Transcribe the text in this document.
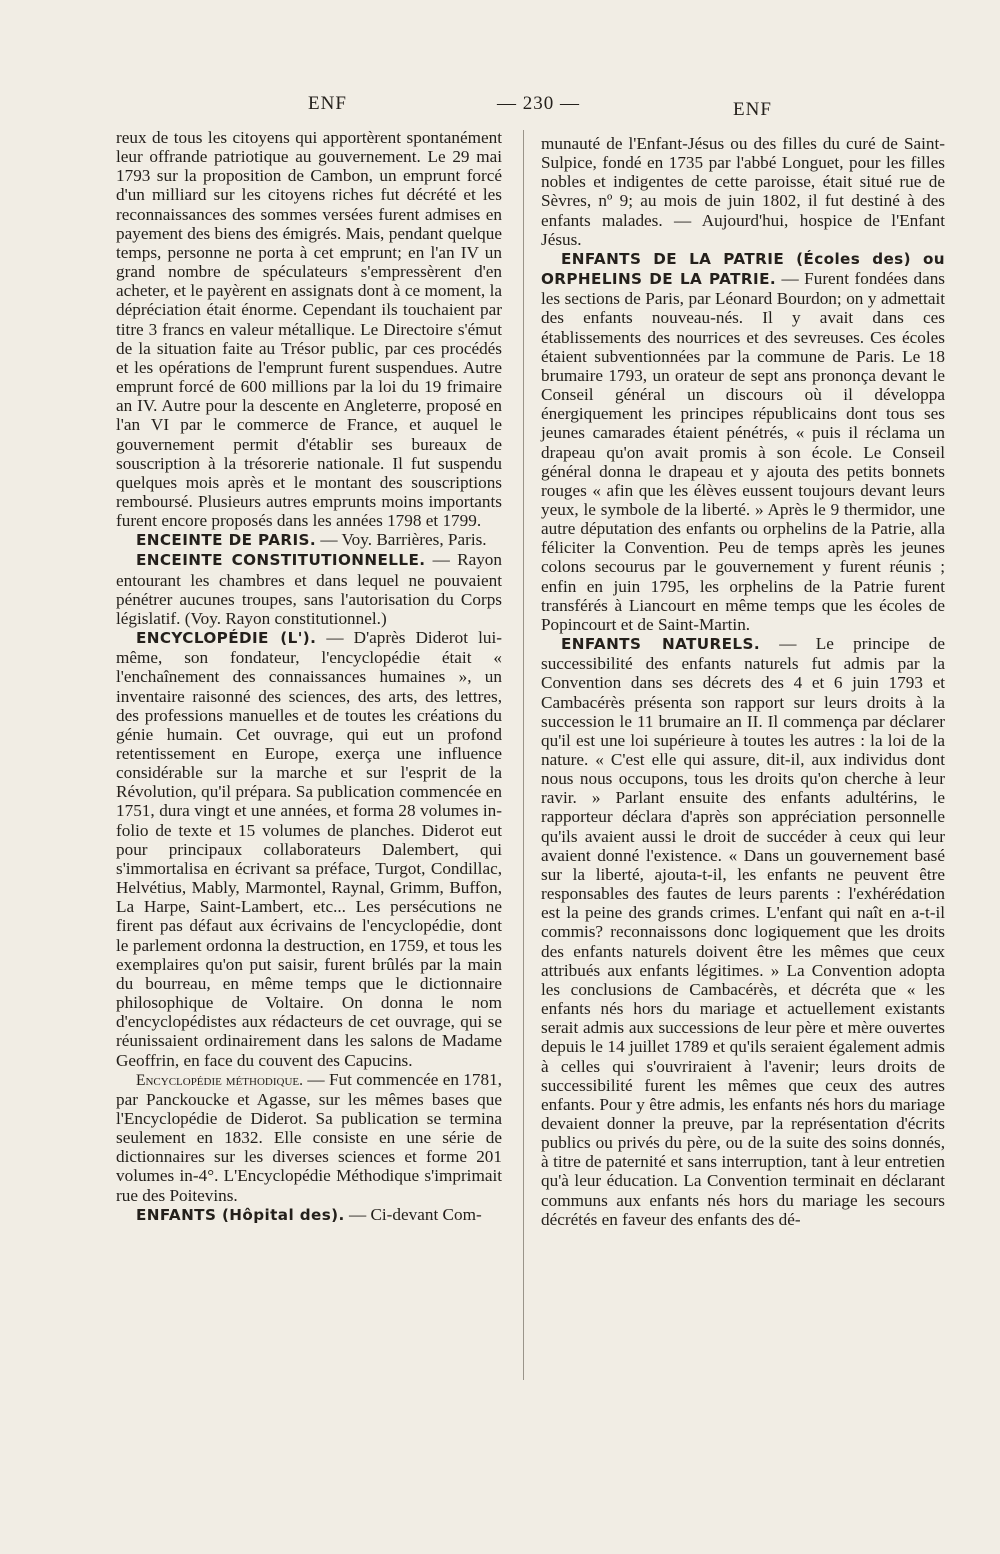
ENF	— 230 —	ENF

reux de tous les citoyens qui apportèrent spontanément leur offrande patriotique au gouvernement. Le 29 mai 1793 sur la proposition de Cambon, un emprunt forcé d'un milliard sur les citoyens riches fut décrété et les reconnaissances des sommes versées furent admises en payement des biens des émigrés. Mais, pendant quelque temps, personne ne porta à cet emprunt; en l'an IV un grand nombre de spéculateurs s'empressèrent d'en acheter, et le payèrent en assignats dont à ce moment, la dépréciation était énorme. Cependant ils touchaient par titre 3 francs en valeur métallique. Le Directoire s'émut de la situation faite au Trésor public, par ces procédés et les opérations de l'emprunt furent suspendues. Autre emprunt forcé de 600 millions par la loi du 19 frimaire an IV. Autre pour la descente en Angleterre, proposé en l'an VI par le commerce de France, et auquel le gouvernement permit d'établir ses bureaux de souscription à la trésorerie nationale. Il fut suspendu quelques mois après et le montant des souscriptions remboursé. Plusieurs autres emprunts moins importants furent encore proposés dans les années 1798 et 1799.

ENCEINTE DE PARIS. — Voy. Barrières, Paris.

ENCEINTE CONSTITUTIONNELLE. — Rayon entourant les chambres et dans lequel ne pouvaient pénétrer aucunes troupes, sans l'autorisation du Corps législatif. (Voy. Rayon constitutionnel.)

ENCYCLOPÉDIE (L'). — D'après Diderot lui-même, son fondateur, l'encyclopédie était « l'enchaînement des connaissances humaines », un inventaire raisonné des sciences, des arts, des lettres, des professions manuelles et de toutes les créations du génie humain. Cet ouvrage, qui eut un profond retentissement en Europe, exerça une influence considérable sur la marche et sur l'esprit de la Révolution, qu'il prépara. Sa publication commencée en 1751, dura vingt et une années, et forma 28 volumes in-folio de texte et 15 volumes de planches. Diderot eut pour principaux collaborateurs Dalembert, qui s'immortalisa en écrivant sa préface, Turgot, Condillac, Helvétius, Mably, Marmontel, Raynal, Grimm, Buffon, La Harpe, Saint-Lambert, etc... Les persécutions ne firent pas défaut aux écrivains de l'encyclopédie, dont le parlement ordonna la destruction, en 1759, et tous les exemplaires qu'on put saisir, furent brûlés par la main du bourreau, en même temps que le dictionnaire philosophique de Voltaire. On donna le nom d'encyclopédistes aux rédacteurs de cet ouvrage, qui se réunissaient ordinairement dans les salons de Madame Geoffrin, en face du couvent des Capucins.

Encyclopédie méthodique. — Fut commencée en 1781, par Panckoucke et Agasse, sur les mêmes bases que l'Encyclopédie de Diderot. Sa publication se termina seulement en 1832. Elle consiste en une série de dictionnaires sur les diverses sciences et forme 201 volumes in-4°. L'Encyclopédie Méthodique s'imprimait rue des Poitevins.

ENFANTS (Hôpital des). — Ci-devant Com-

munauté de l'Enfant-Jésus ou des filles du curé de Saint-Sulpice, fondé en 1735 par l'abbé Longuet, pour les filles nobles et indigentes de cette paroisse, était situé rue de Sèvres, nº 9; au mois de juin 1802, il fut destiné à des enfants malades. — Aujourd'hui, hospice de l'Enfant Jésus.

ENFANTS DE LA PATRIE (Écoles des) ou ORPHELINS DE LA PATRIE. — Furent fondées dans les sections de Paris, par Léonard Bourdon; on y admettait des enfants nouveau-nés. Il y avait dans ces établissements des nourrices et des sevreuses. Ces écoles étaient subventionnées par la commune de Paris. Le 18 brumaire 1793, un orateur de sept ans prononça devant le Conseil général un discours où il développa énergiquement les principes républicains dont tous ses jeunes camarades étaient pénétrés, « puis il réclama un drapeau qu'on avait promis à son école. Le Conseil général donna le drapeau et y ajouta des petits bonnets rouges « afin que les élèves eussent toujours devant leurs yeux, le symbole de la liberté. » Après le 9 thermidor, une autre députation des enfants ou orphelins de la Patrie, alla féliciter la Convention. Peu de temps après les jeunes colons secourus par le gouvernement y furent réunis ; enfin en juin 1795, les orphelins de la Patrie furent transférés à Liancourt en même temps que les écoles de Popincourt et de Saint-Martin.

ENFANTS NATURELS. — Le principe de successibilité des enfants naturels fut admis par la Convention dans ses décrets des 4 et 6 juin 1793 et Cambacérès présenta son rapport sur leurs droits à la succession le 11 brumaire an II. Il commença par déclarer qu'il est une loi supérieure à toutes les autres : la loi de la nature. « C'est elle qui assure, dit-il, aux individus dont nous nous occupons, tous les droits qu'on cherche à leur ravir. » Parlant ensuite des enfants adultérins, le rapporteur déclara d'après son appréciation personnelle qu'ils avaient aussi le droit de succéder à ceux qui leur avaient donné l'existence. « Dans un gouvernement basé sur la liberté, ajouta-t-il, les enfants ne peuvent être responsables des fautes de leurs parents : l'exhérédation est la peine des grands crimes. L'enfant qui naît en a-t-il commis? reconnaissons donc logiquement que les droits des enfants naturels doivent être les mêmes que ceux attribués aux enfants légitimes. » La Convention adopta les conclusions de Cambacérès, et décréta que « les enfants nés hors du mariage et actuellement existants serait admis aux successions de leur père et mère ouvertes depuis le 14 juillet 1789 et qu'ils seraient également admis à celles qui s'ouvriraient à l'avenir; leurs droits de successibilité furent les mêmes que ceux des autres enfants. Pour y être admis, les enfants nés hors du mariage devaient donner la preuve, par la représentation d'écrits publics ou privés du père, ou de la suite des soins donnés, à titre de paternité et sans interruption, tant à leur entretien qu'à leur éducation. La Convention terminait en déclarant communs aux enfants nés hors du mariage les secours décrétés en faveur des enfants des dé-
